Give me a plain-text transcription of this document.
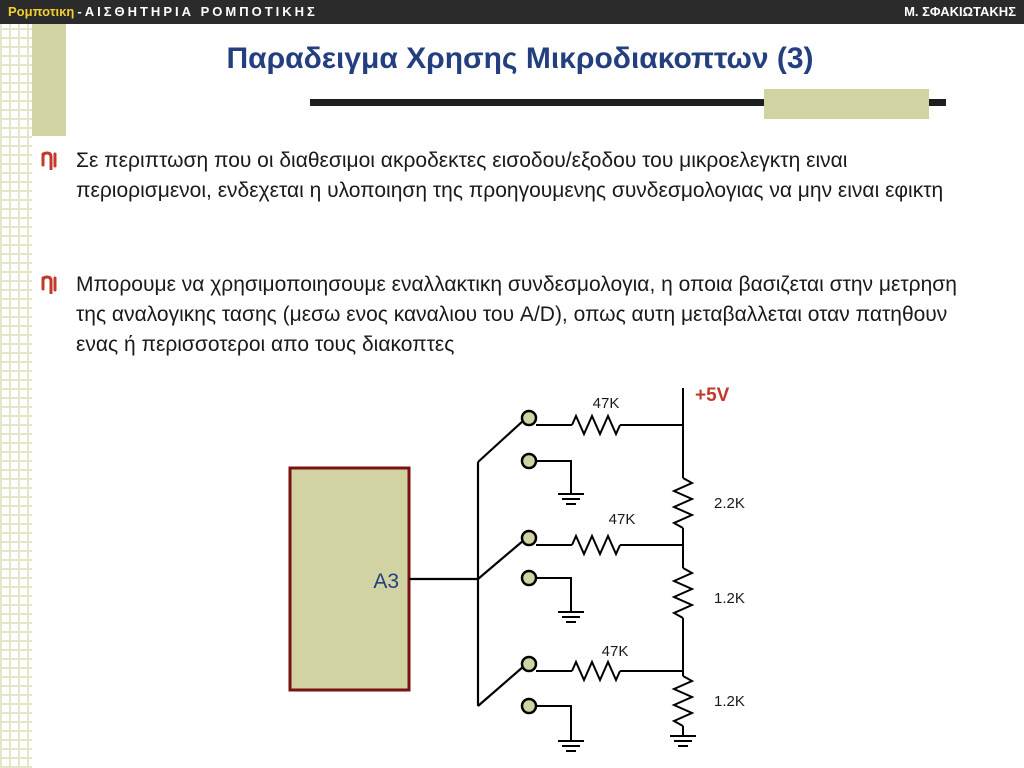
Ρομποτικη - ΑΙΣΘΗΤΗΡΙΑ ΡΟΜΠΟΤΙΚΗΣ	Μ. ΣΦΑΚΙΩΤΑΚΗΣ
Παραδειγμα Χρησης Μικροδιακοπτων (3)
Σε περιπτωση που οι διαθεσιμοι ακροδεκτες εισοδου/εξοδου του μικροελεγκτη ειναι περιορισμενοι, ενδεχεται η υλοποιηση της προηγουμενης συνδεσμολογιας να μην ειναι εφικτη
Μπορουμε να χρησιμοποιησουμε εναλλακτικη συνδεσμολογια, η οποια βασιζεται στην μετρηση της αναλογικης τασης (μεσω ενος καναλιου του A/D), οπως αυτη μεταβαλλεται οταν πατηθουν ενας ή περισσοτεροι απο τους διακοπτες
A3
47K
47K
47K
+5V
2.2K
1.2K
1.2K
